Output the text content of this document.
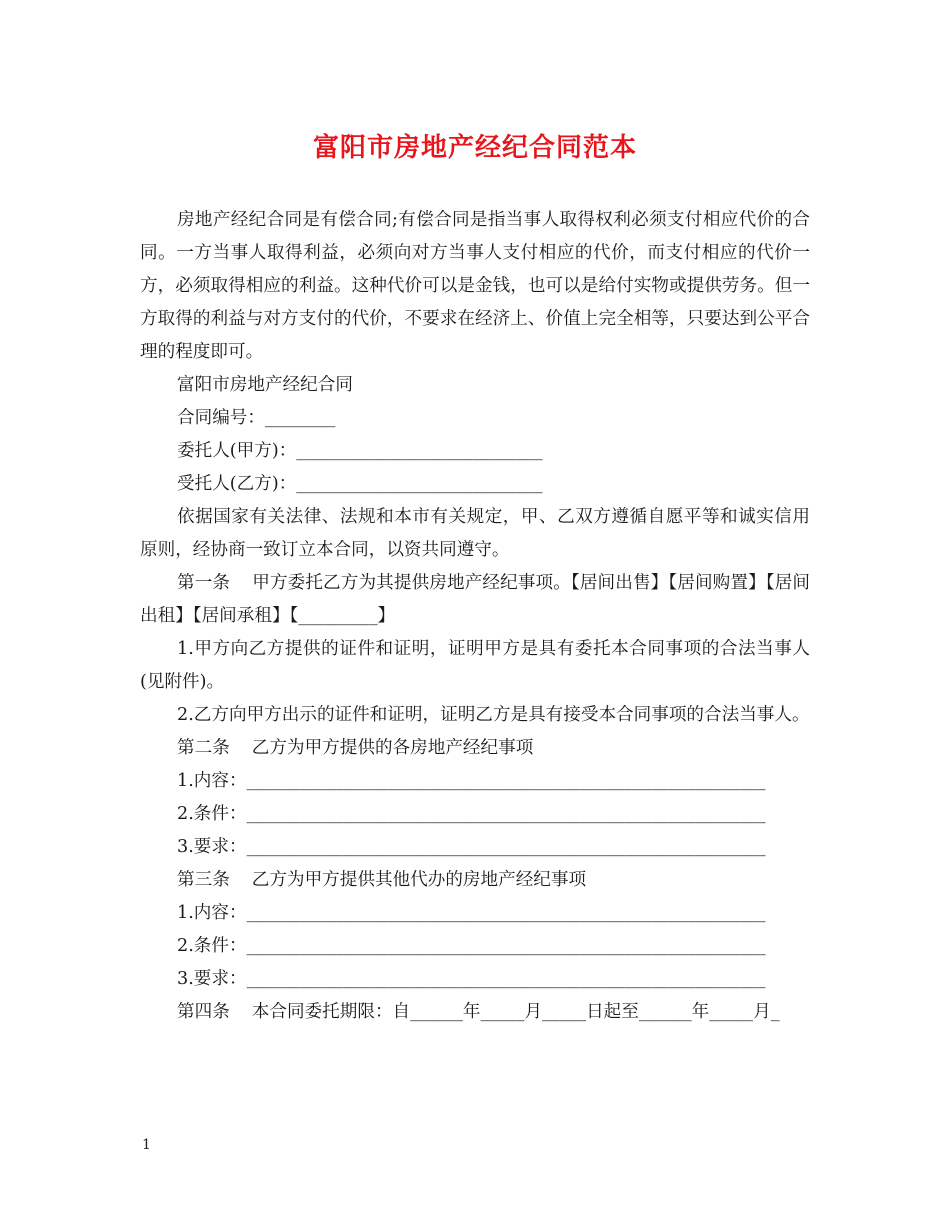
富阳市房地产经纪合同范本

房地产经纪合同是有偿合同;有偿合同是指当事人取得权利必须支付相应代价的合同。一方当事人取得利益，必须向对方当事人支付相应的代价，而支付相应的代价一方，必须取得相应的利益。这种代价可以是金钱，也可以是给付实物或提供劳务。但一方取得的利益与对方支付的代价，不要求在经济上、价值上完全相等，只要达到公平合理的程度即可。

富阳市房地产经纪合同

合同编号：________

委托人(甲方)：____________________________

受托人(乙方)：____________________________

依据国家有关法律、法规和本市有关规定，甲、乙双方遵循自愿平等和诚实信用原则，经协商一致订立本合同，以资共同遵守。

第一条 甲方委托乙方为其提供房地产经纪事项。【居间出售】【居间购置】【居间出租】【居间承租】【_________】

1.甲方向乙方提供的证件和证明，证明甲方是具有委托本合同事项的合法当事人(见附件)。

2.乙方向甲方出示的证件和证明，证明乙方是具有接受本合同事项的合法当事人。

第二条 乙方为甲方提供的各房地产经纪事项

1.内容：___________________________________________________________

2.条件：___________________________________________________________

3.要求：___________________________________________________________

第三条 乙方为甲方提供其他代办的房地产经纪事项

1.内容：___________________________________________________________

2.条件：___________________________________________________________

3.要求：___________________________________________________________

第四条 本合同委托期限：自______年_____月_____日起至______年_____月_

1
